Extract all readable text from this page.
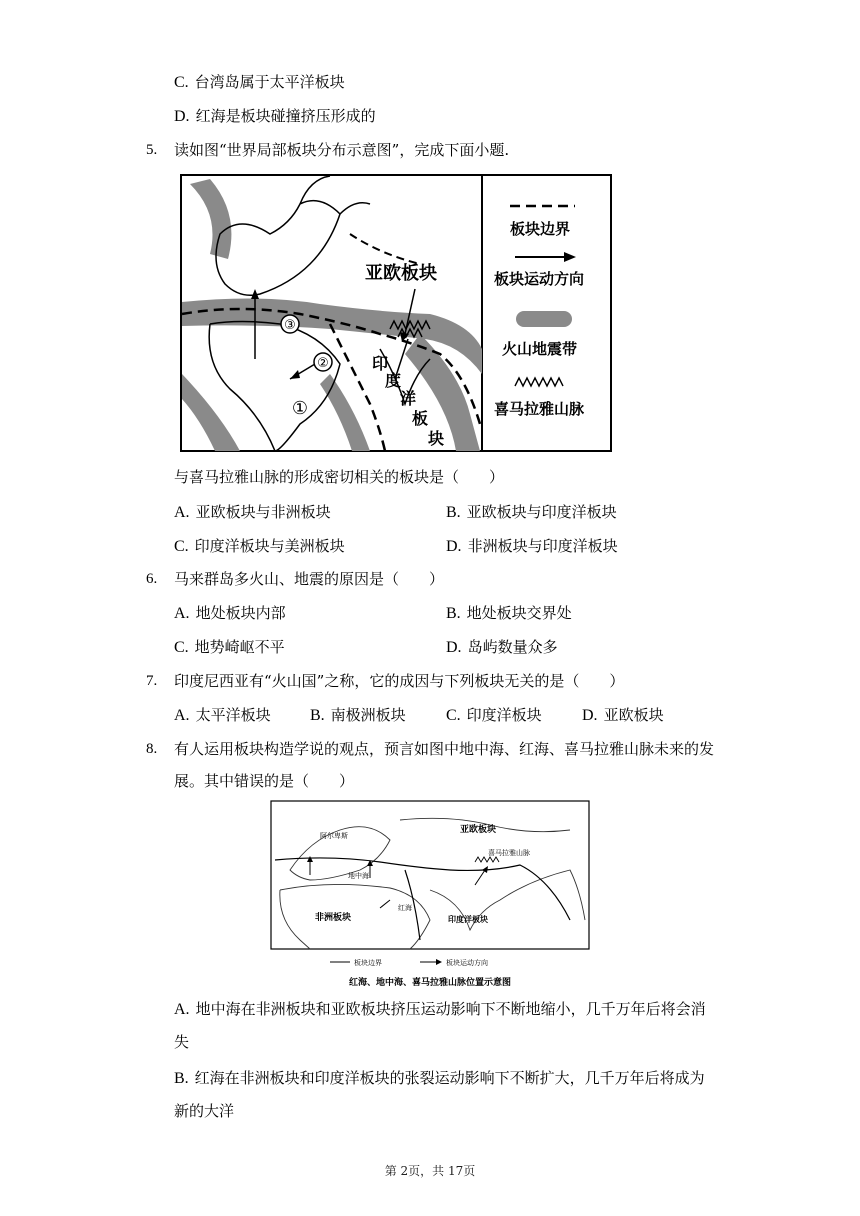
C. 台湾岛属于太平洋板块
D. 红海是板块碰撞挤压形成的
5. 读如图“世界局部板块分布示意图”，完成下面小题.
③
②
①
亚欧板块
印
度
洋
板
块
板块边界
板块运动方向
火山地震带
喜马拉雅山脉
与喜马拉雅山脉的形成密切相关的板块是（　　）
A. 亚欧板块与非洲板块	B. 亚欧板块与印度洋板块
C. 印度洋板块与美洲板块	D. 非洲板块与印度洋板块
6. 马来群岛多火山、地震的原因是（　　）
A. 地处板块内部	B. 地处板块交界处
C. 地势崎岖不平	D. 岛屿数量众多
7. 印度尼西亚有“火山国”之称，它的成因与下列板块无关的是（　　）
A. 太平洋板块 B. 南极洲板块	C. 印度洋板块	D. 亚欧板块
8. 有人运用板块构造学说的观点，预言如图中地中海、红海、喜马拉雅山脉未来的发
展。其中错误的是（　　）
亚欧板块
非洲板块	印度洋板块
阿尔卑斯
地中海
喜马拉雅山脉
红海
板块边界	板块运动方向
红海、地中海、喜马拉雅山脉位置示意图
A. 地中海在非洲板块和亚欧板块挤压运动影响下不断地缩小，几千万年后将会消
失
B. 红海在非洲板块和印度洋板块的张裂运动影响下不断扩大，几千万年后将成为
新的大洋
第 2页，共 17页
